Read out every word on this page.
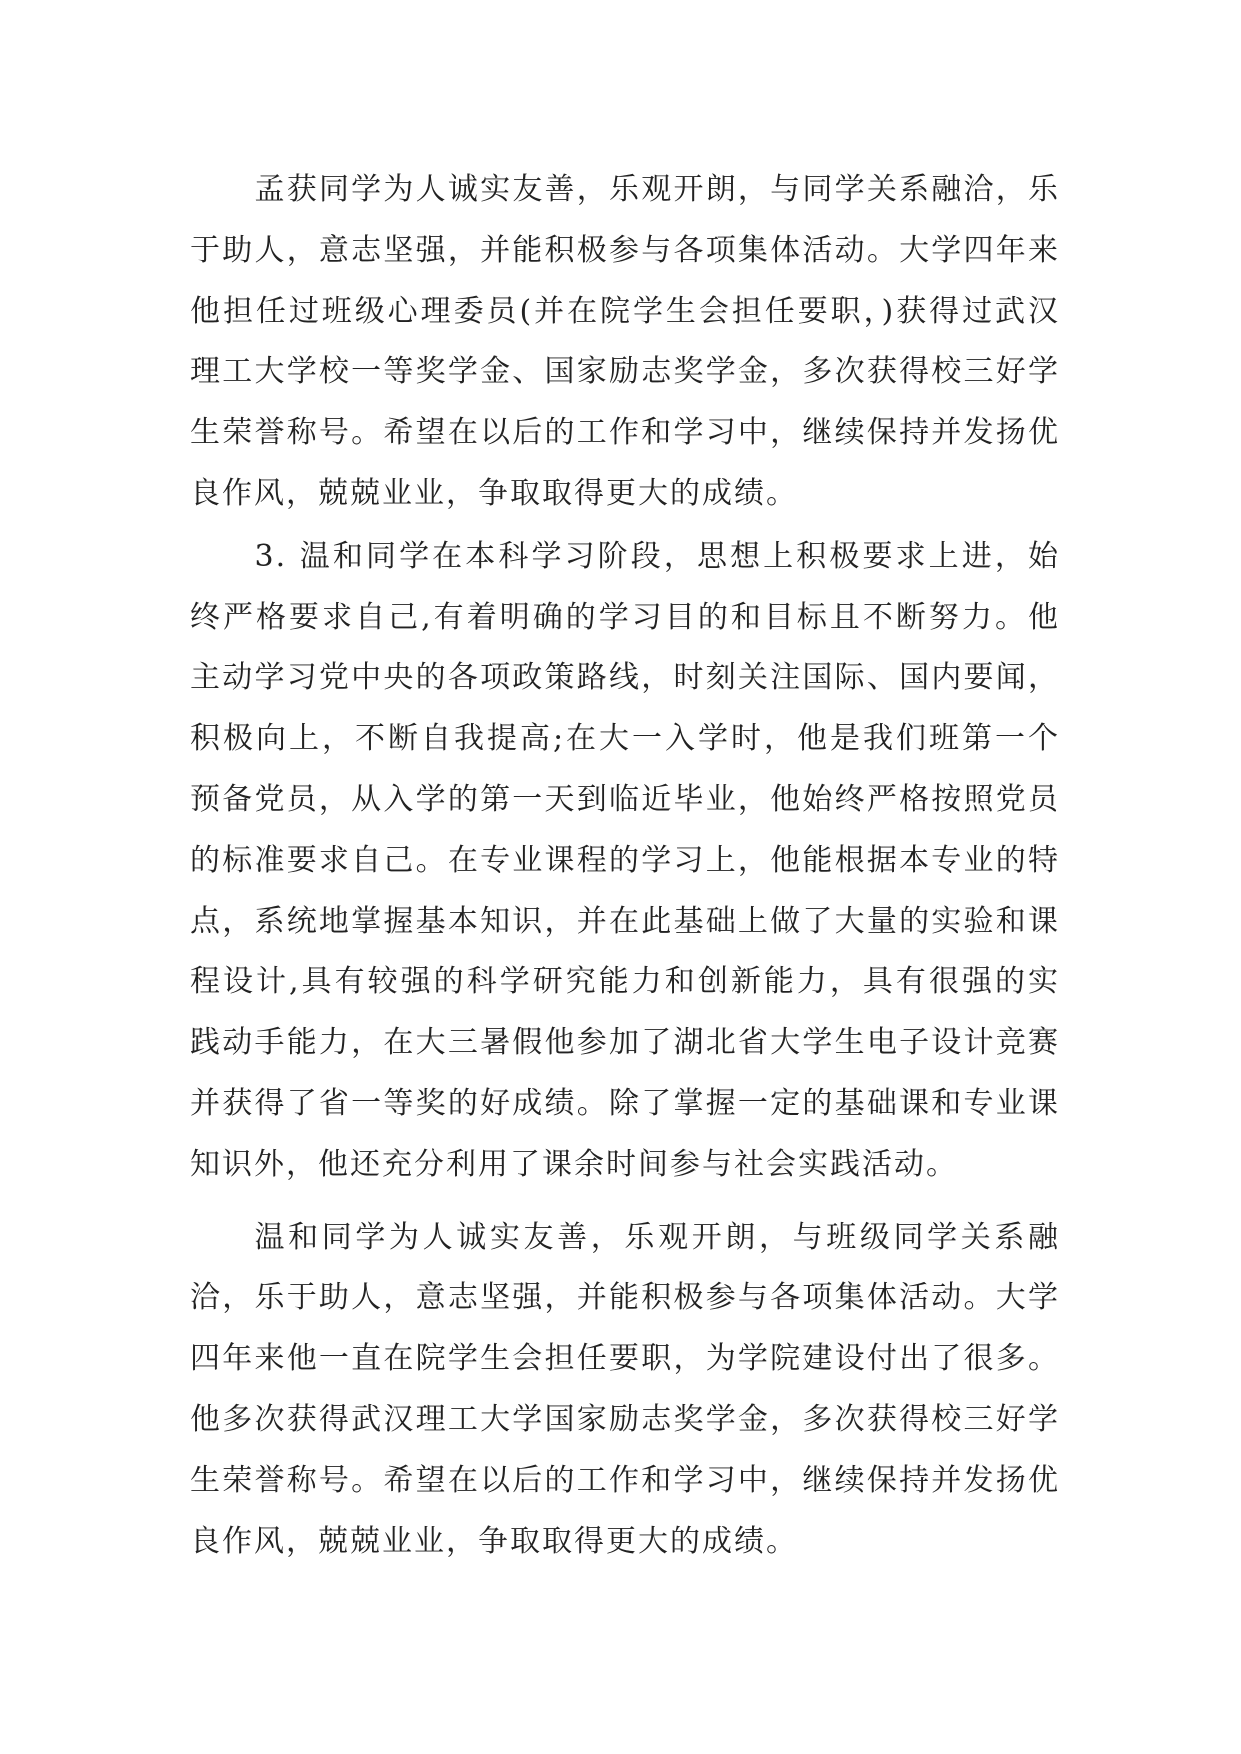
孟获同学为人诚实友善，乐观开朗，与同学关系融洽，乐于助人，意志坚强，并能积极参与各项集体活动。大学四年来他担任过班级心理委员(并在院学生会担任要职，)获得过武汉理工大学校一等奖学金、国家励志奖学金，多次获得校三好学生荣誉称号。希望在以后的工作和学习中，继续保持并发扬优良作风，兢兢业业，争取取得更大的成绩。

3. 温和同学在本科学习阶段，思想上积极要求上进，始终严格要求自己,有着明确的学习目的和目标且不断努力。他主动学习党中央的各项政策路线，时刻关注国际、国内要闻，积极向上，不断自我提高;在大一入学时，他是我们班第一个预备党员，从入学的第一天到临近毕业，他始终严格按照党员的标准要求自己。在专业课程的学习上，他能根据本专业的特点，系统地掌握基本知识，并在此基础上做了大量的实验和课程设计,具有较强的科学研究能力和创新能力，具有很强的实践动手能力，在大三暑假他参加了湖北省大学生电子设计竞赛并获得了省一等奖的好成绩。除了掌握一定的基础课和专业课知识外，他还充分利用了课余时间参与社会实践活动。

温和同学为人诚实友善，乐观开朗，与班级同学关系融洽，乐于助人，意志坚强，并能积极参与各项集体活动。大学四年来他一直在院学生会担任要职，为学院建设付出了很多。他多次获得武汉理工大学国家励志奖学金，多次获得校三好学生荣誉称号。希望在以后的工作和学习中，继续保持并发扬优良作风，兢兢业业，争取取得更大的成绩。
